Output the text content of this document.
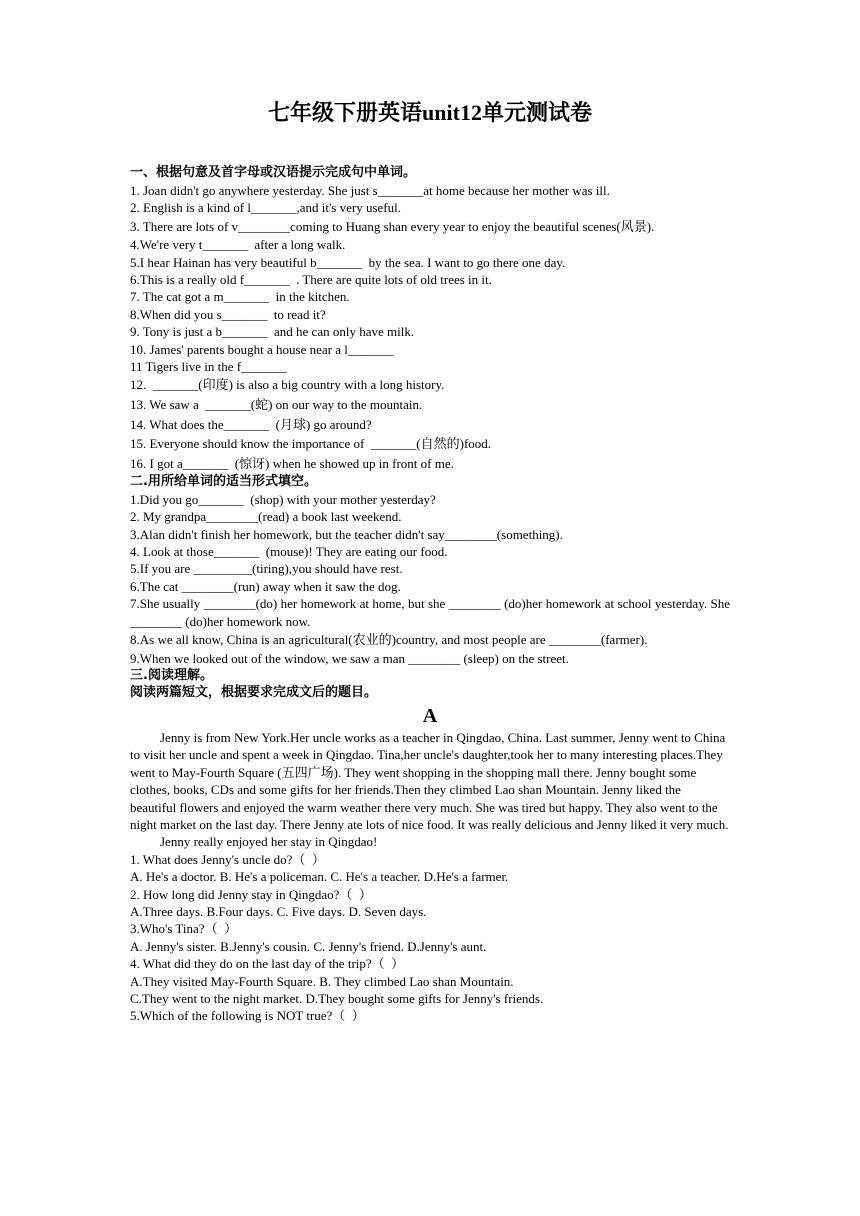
七年级下册英语unit12单元测试卷
一、根据句意及首字母或汉语提示完成句中单词。
1. Joan didn't go anywhere yesterday. She just s_______at home because her mother was ill.
2. English is a kind of l_______,and it's very useful.
3. There are lots of v________coming to Huang shan every year to enjoy the beautiful scenes(风景).
4.We're very t_______  after a long walk.
5.I hear Hainan has very beautiful b_______  by the sea. I want to go there one day.
6.This is a really old f_______  . There are quite lots of old trees in it.
7. The cat got a m_______  in the kitchen.
8.When did you s_______  to read it?
9. Tony is just a b_______  and he can only have milk.
10. James' parents bought a house near a l_______
11 Tigers live in the f_______
12.  _______(印度) is also a big country with a long history.
13. We saw a  _______(蛇) on our way to the mountain.
14. What does the_______  (月球) go around?
15. Everyone should know the importance of  _______(自然的)food.
16. I got a_______  (惊讶) when he showed up in front of me.
二.用所给单词的适当形式填空。
1.Did you go_______  (shop) with your mother yesterday?
2. My grandpa________(read) a book last weekend.
3.Alan didn't finish her homework, but the teacher didn't say________(something).
4. Look at those_______  (mouse)! They are eating our food.
5.If you are _________(tiring),you should have rest.
6.The cat ________(run) away when it saw the dog.
7.She usually ________(do) her homework at home, but she ________ (do)her homework at school yesterday. She ________ (do)her homework now.
8.As we all know, China is an agricultural(农业的)country, and most people are ________(farmer).
9.When we looked out of the window, we saw a man ________ (sleep) on the street.
三.阅读理解。
阅读两篇短文，根据要求完成文后的题目。
A
Jenny is from New York.Her uncle works as a teacher in Qingdao, China. Last summer, Jenny went to China to visit her uncle and spent a week in Qingdao. Tina,her uncle's daughter,took her to many interesting places.They went to May-Fourth Square (五四广场). They went shopping in the shopping mall there. Jenny bought some clothes, books, CDs and some gifts for her friends.Then they climbed Lao shan Mountain. Jenny liked the beautiful flowers and enjoyed the warm weather there very much. She was tired but happy. They also went to the night market on the last day. There Jenny ate lots of nice food. It was really delicious and Jenny liked it very much.
Jenny really enjoyed her stay in Qingdao!
1. What does Jenny's uncle do?（  ）
A. He's a doctor. B. He's a policeman. C. He's a teacher. D.He's a farmer.
2. How long did Jenny stay in Qingdao?（  ）
A.Three days. B.Four days. C. Five days. D. Seven days.
3.Who's Tina?（  ）
A. Jenny's sister. B.Jenny's cousin. C. Jenny's friend. D.Jenny's aunt.
4. What did they do on the last day of the trip?（  ）
A.They visited May-Fourth Square. B. They climbed Lao shan Mountain.
C.They went to the night market. D.They bought some gifts for Jenny's friends.
5.Which of the following is NOT true?（  ）
